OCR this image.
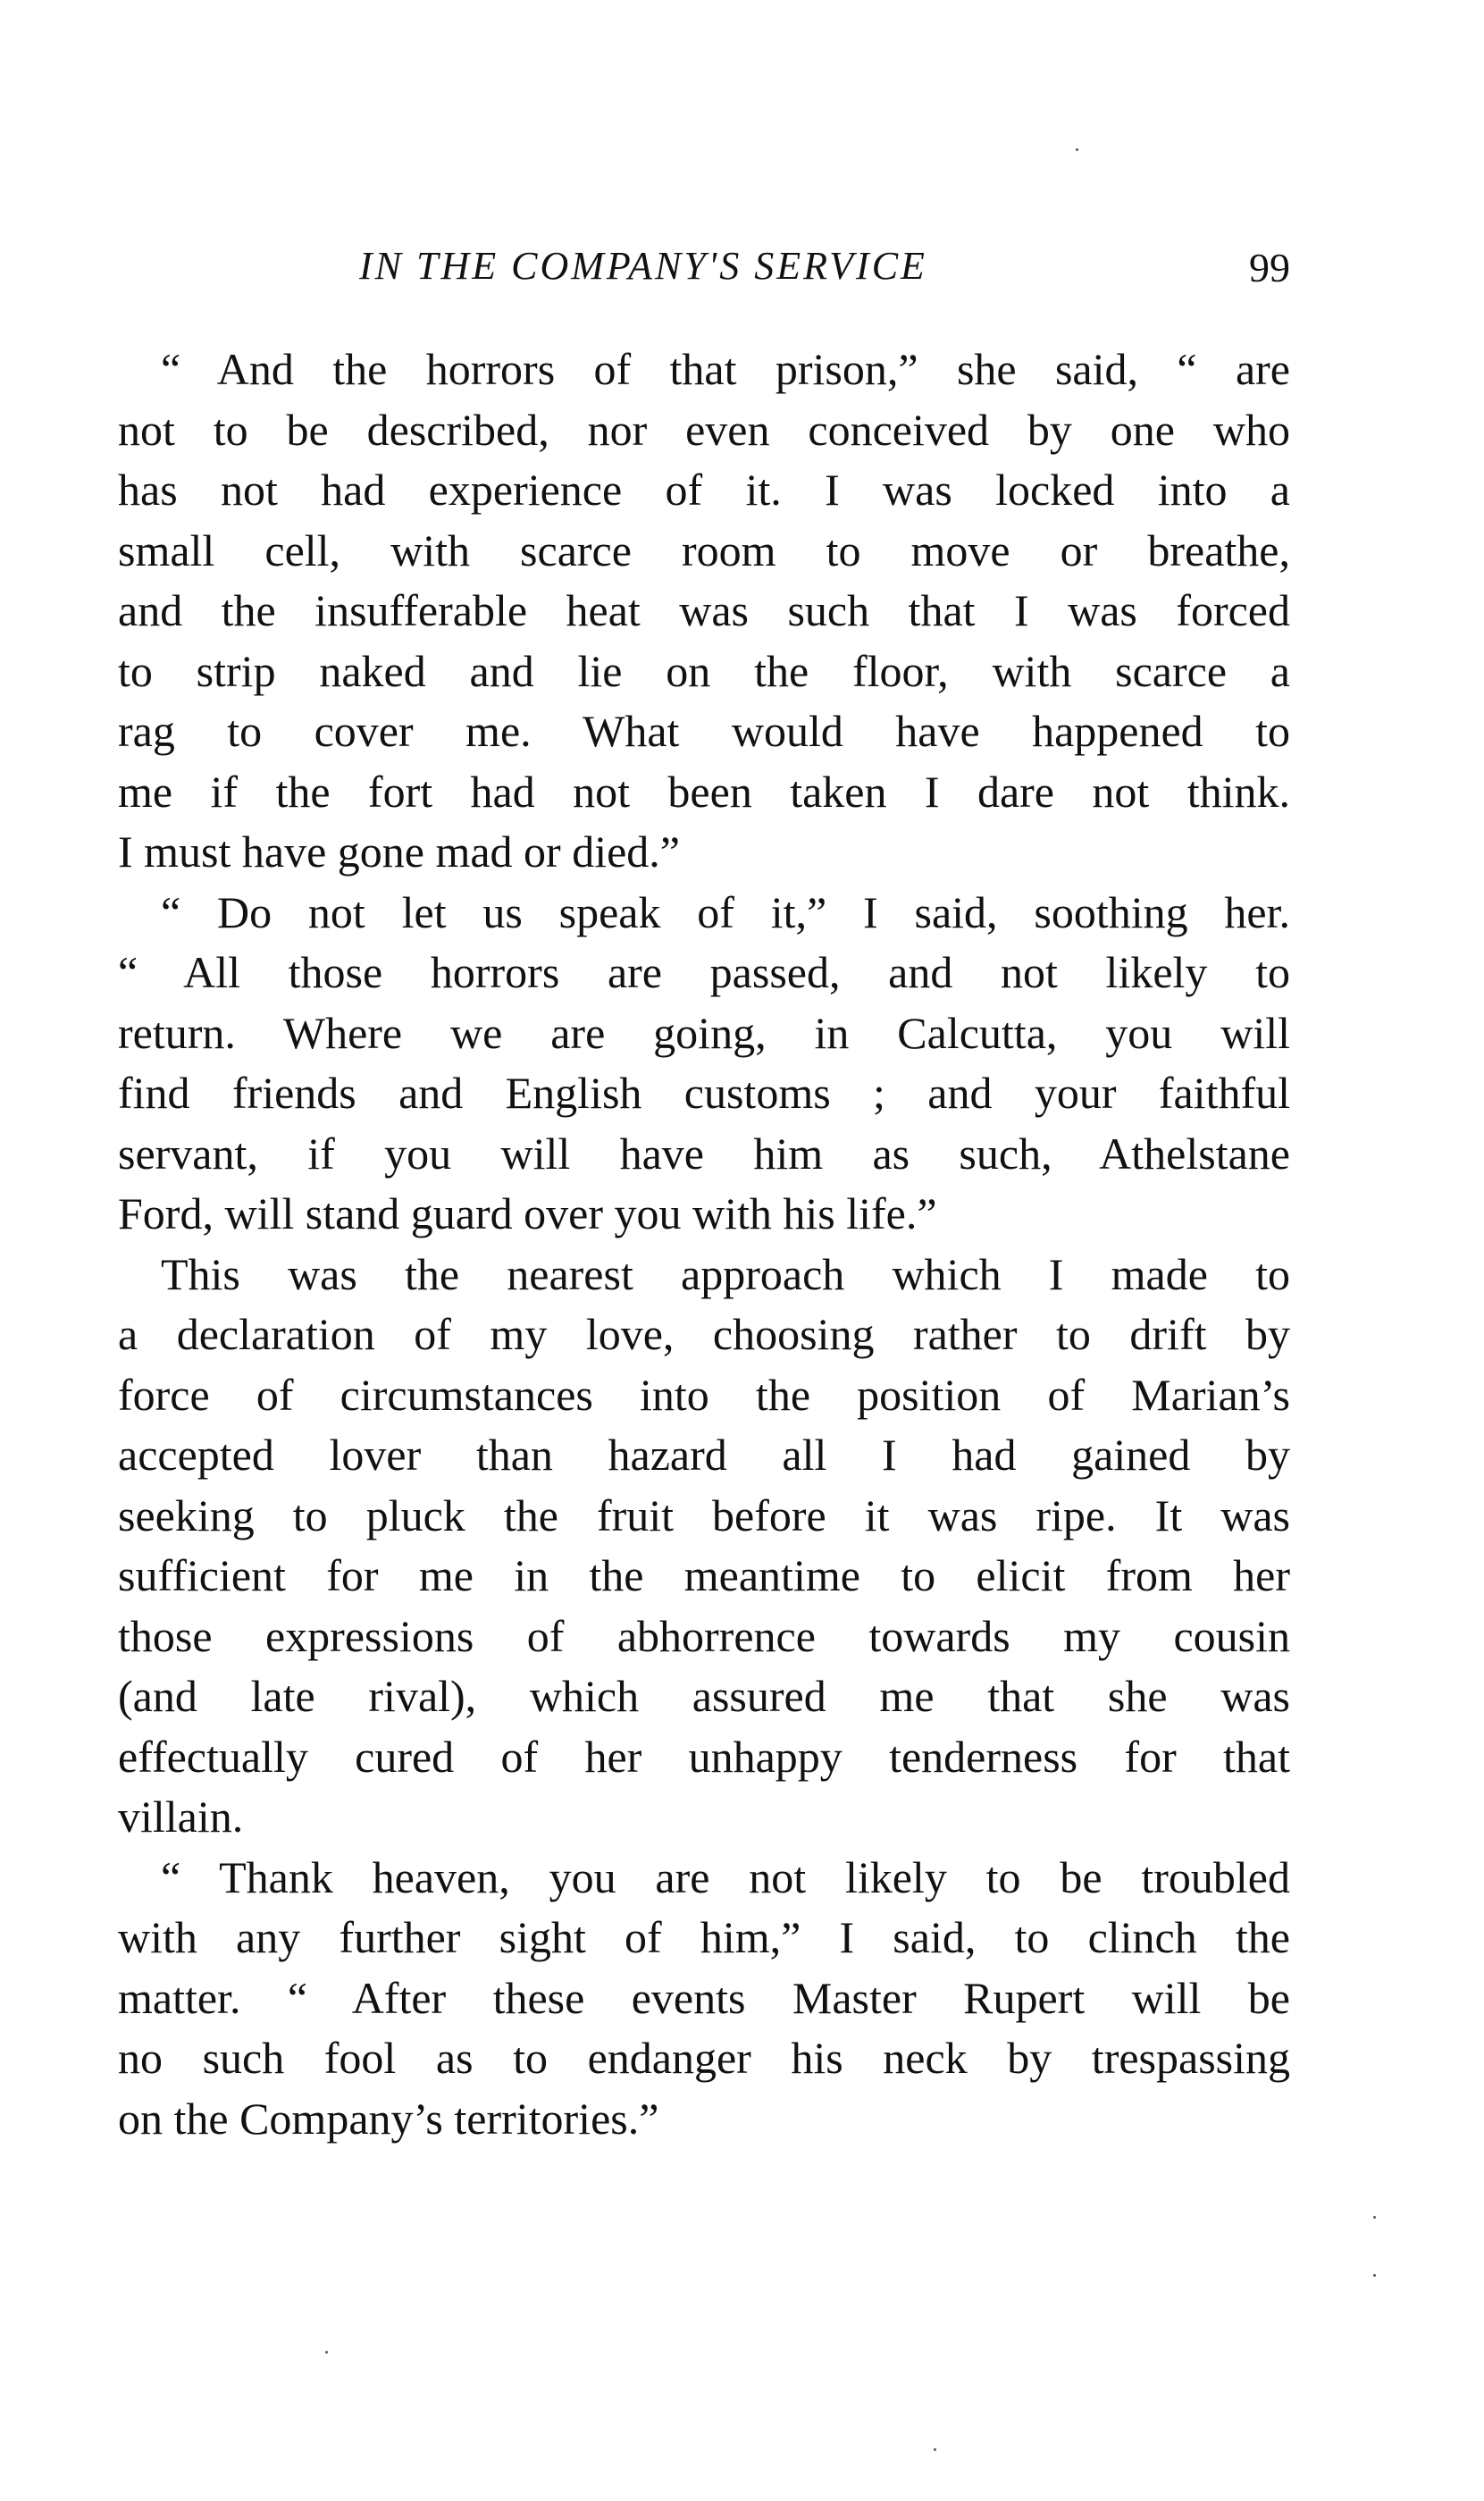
IN THE COMPANY'S SERVICE	99
“ And the horrors of that prison,” she said, “ are
not to be described, nor even conceived by one who
has not had experience of it. I was locked into a
small cell, with scarce room to move or breathe,
and the insufferable heat was such that I was forced
to strip naked and lie on the floor, with scarce a
rag to cover me. What would have happened to
me if the fort had not been taken I dare not think.
I must have gone mad or died.”
“ Do not let us speak of it,” I said, soothing her.
“ All those horrors are passed, and not likely to
return. Where we are going, in Calcutta, you will
find friends and English customs ; and your faithful
servant, if you will have him as such, Athelstane
Ford, will stand guard over you with his life.”
This was the nearest approach which I made to
a declaration of my love, choosing rather to drift by
force of circumstances into the position of Marian’s
accepted lover than hazard all I had gained by
seeking to pluck the fruit before it was ripe. It was
sufficient for me in the meantime to elicit from her
those expressions of abhorrence towards my cousin
(and late rival), which assured me that she was
effectually cured of her unhappy tenderness for that
villain.
“ Thank heaven, you are not likely to be troubled
with any further sight of him,” I said, to clinch the
matter. “ After these events Master Rupert will be
no such fool as to endanger his neck by trespassing
on the Company’s territories.”
